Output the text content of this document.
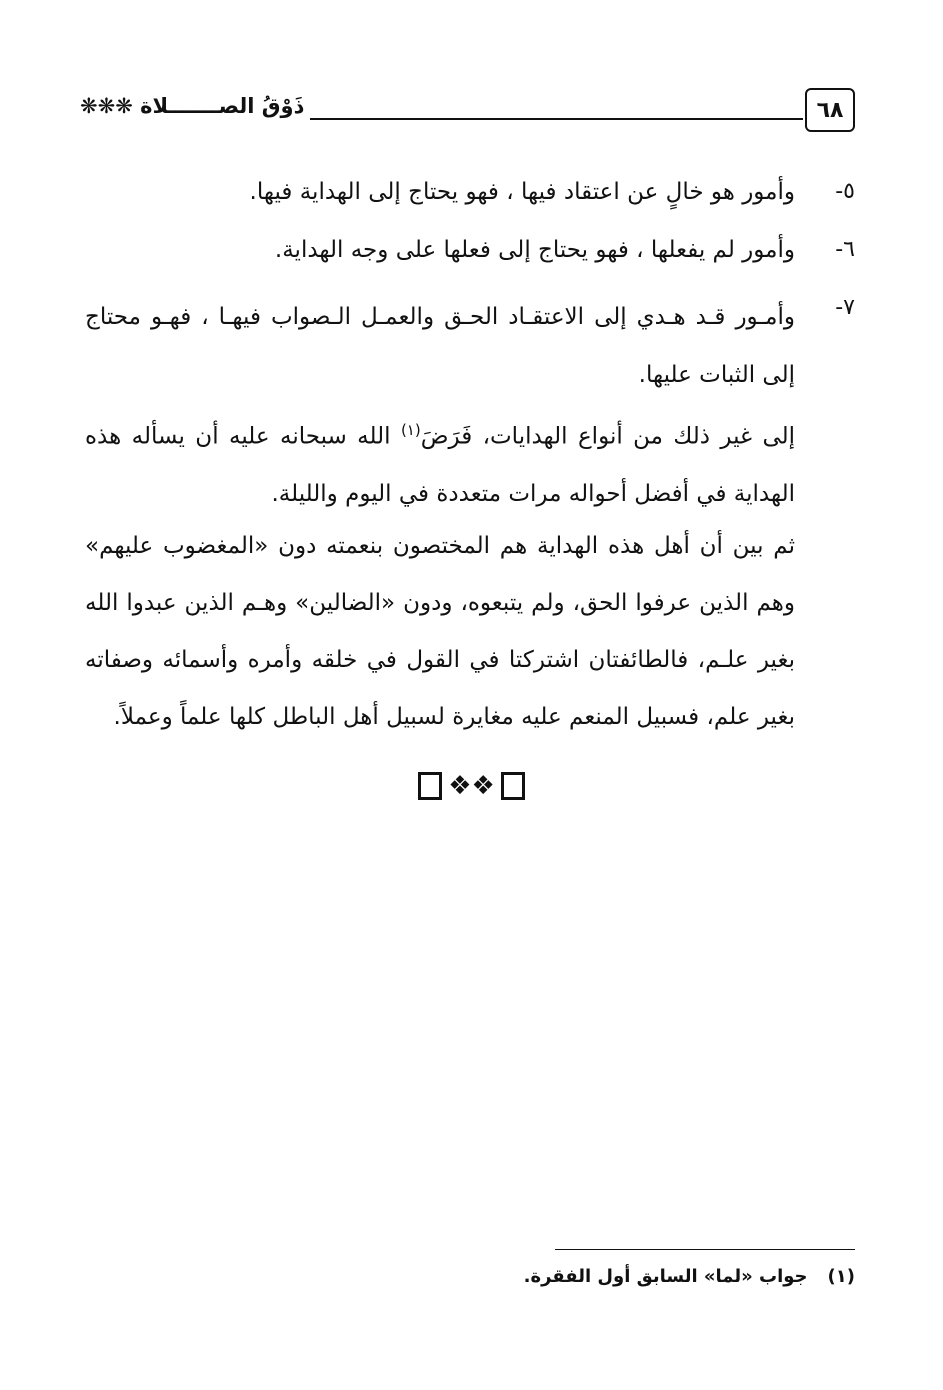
٦٨
ذَوْقُ الصـــــــلاة ❋❋❋
٥-
وأمور هو خالٍ عن اعتقاد فيها ، فهو يحتاج إلى الهداية فيها.
٦-
وأمور لم يفعلها ، فهو يحتاج إلى فعلها على وجه الهداية.
٧-
وأمـور قـد هـدي إلى الاعتقـاد الحـق والعمـل الـصواب فيهـا ، فهـو محتاج إلى الثبات عليها.
إلى غير ذلك من أنواع الهدايات، فَرَضَ$^{(١)}$ الله سبحانه عليه أن يسأله هذه الهداية في أفضل أحواله مرات متعددة في اليوم والليلة.
ثم بين أن أهل هذه الهداية هم المختصون بنعمته دون «المغضوب عليهم» وهم الذين عرفوا الحق، ولم يتبعوه، ودون «الضالين» وهـم الذين عبدوا الله بغير علـم، فالطائفتان اشتركتا في القول في خلقه وأمره وأسمائه وصفاته بغير علم، فسبيل المنعم عليه مغايرة لسبيل أهل الباطل كلها علماً وعملاً.
❖❖
(١)جواب «لما» السابق أول الفقرة.
